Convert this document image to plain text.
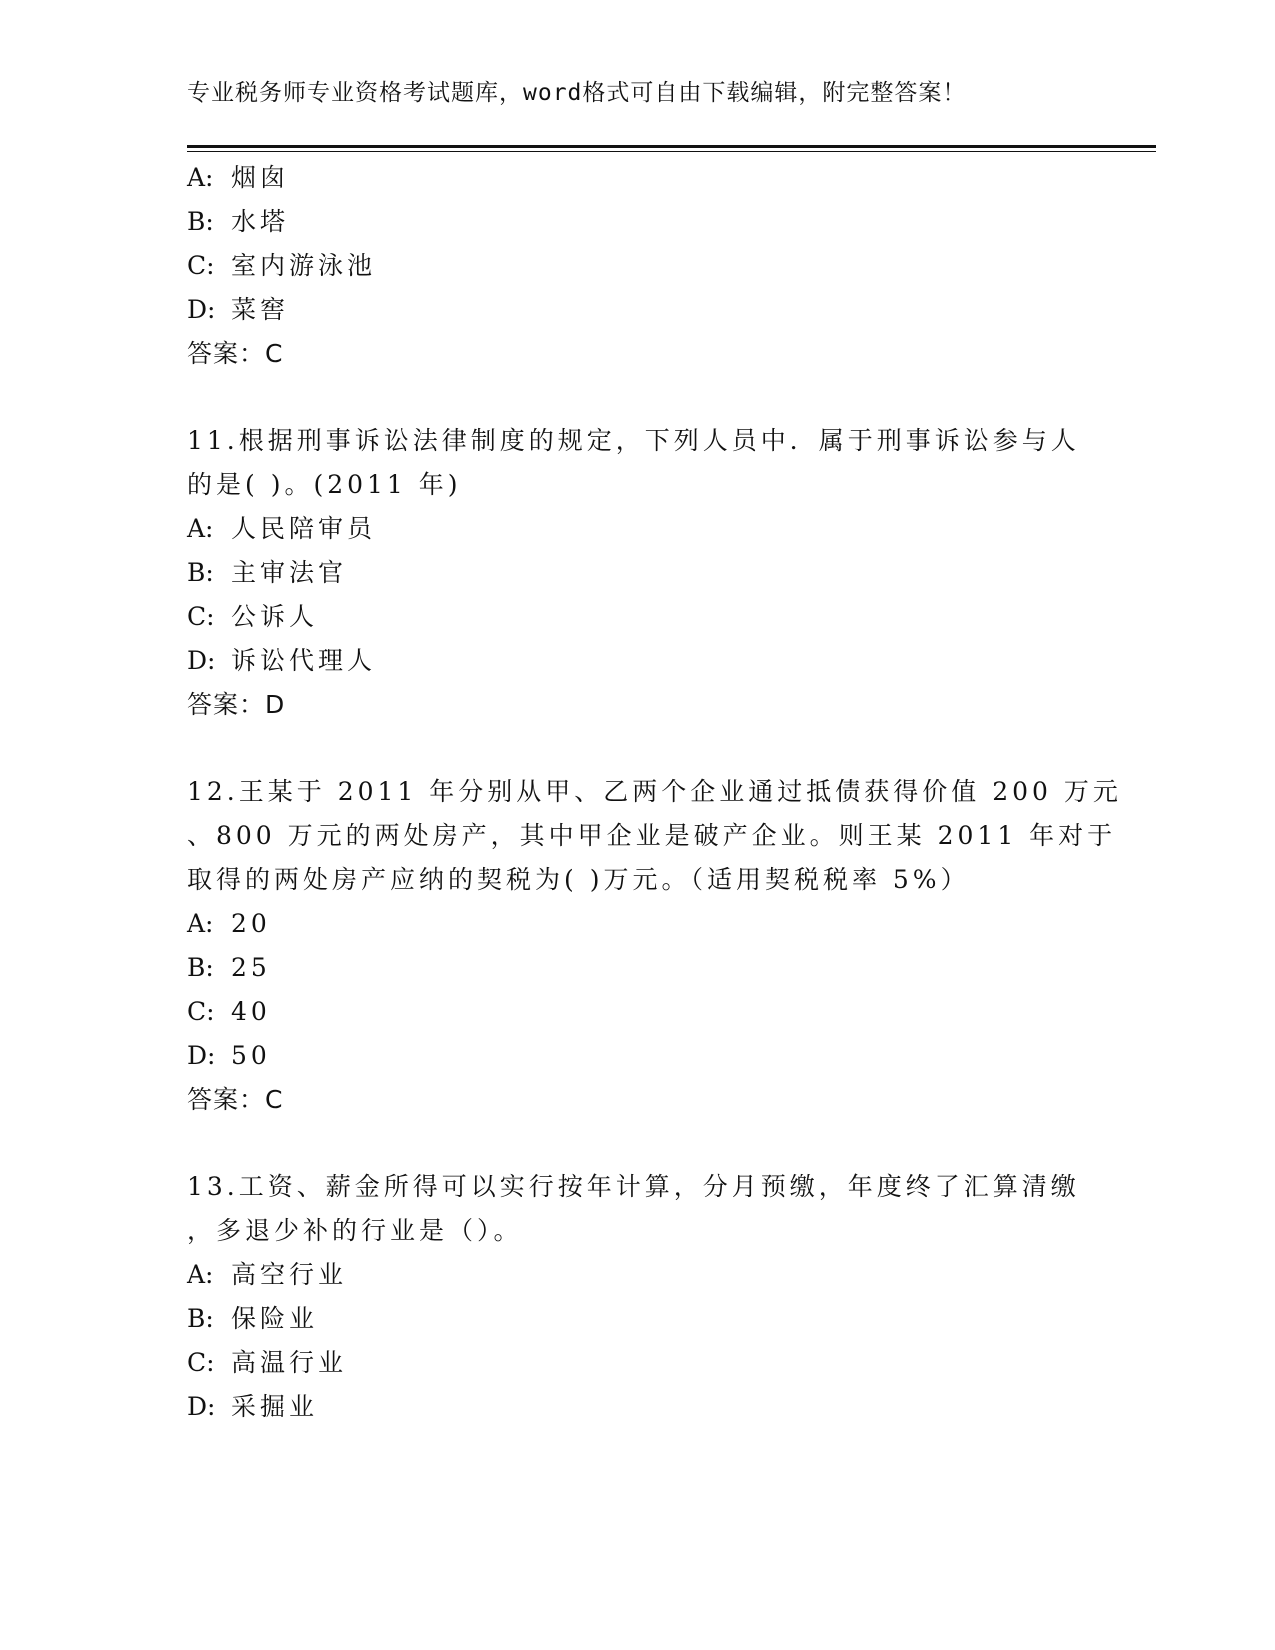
专业税务师专业资格考试题库，word格式可自由下载编辑，附完整答案！
A: 烟囱
B: 水塔
C: 室内游泳池
D: 菜窖
答案：C
11.根据刑事诉讼法律制度的规定，下列人员中．属于刑事诉讼参与人
的是( )。(2011 年)
A: 人民陪审员
B: 主审法官
C: 公诉人
D: 诉讼代理人
答案：D
12.王某于 2011 年分别从甲、乙两个企业通过抵债获得价值 200 万元
、800 万元的两处房产，其中甲企业是破产企业。则王某 2011 年对于
取得的两处房产应纳的契税为( )万元。（适用契税税率 5%）
A: 20
B: 25
C: 40
D: 50
答案：C
13.工资、薪金所得可以实行按年计算，分月预缴，年度终了汇算清缴
，多退少补的行业是（）。
A: 高空行业
B: 保险业
C: 高温行业
D: 采掘业
